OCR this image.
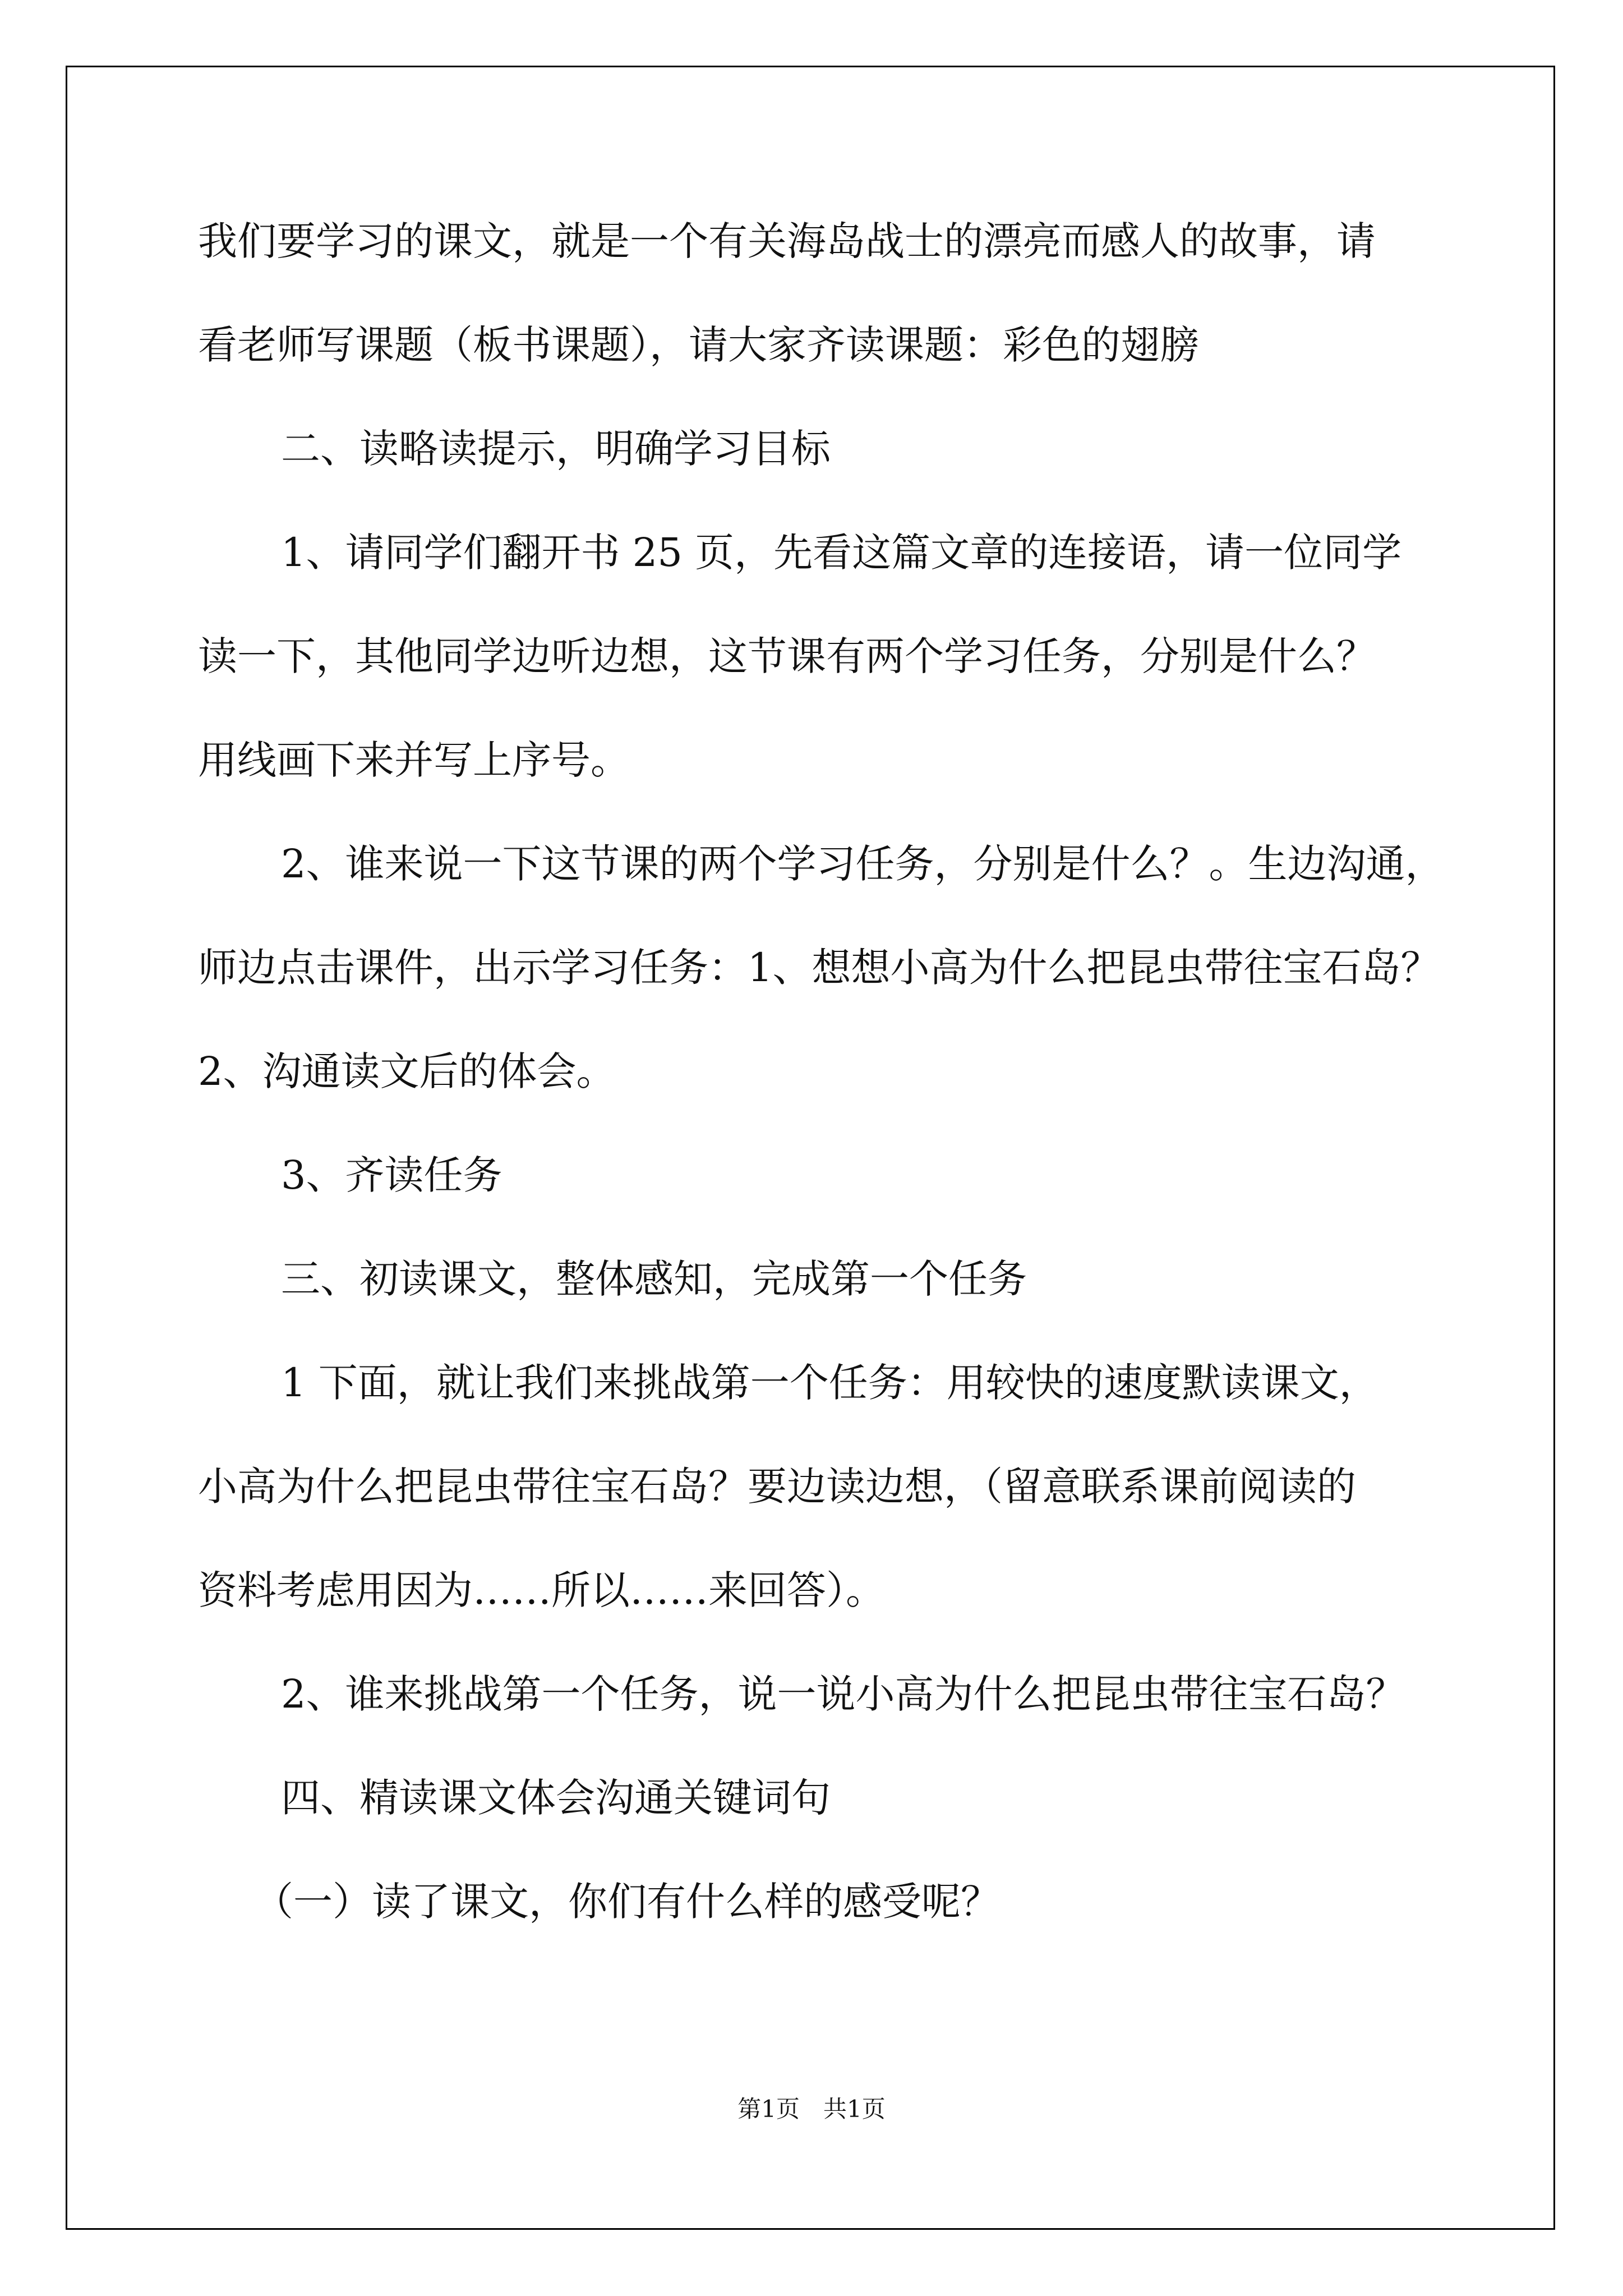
我们要学习的课文，就是一个有关海岛战士的漂亮而感人的故事，请
看老师写课题（板书课题），请大家齐读课题：彩色的翅膀
二、读略读提示，明确学习目标
1、请同学们翻开书 25 页，先看这篇文章的连接语，请一位同学
读一下，其他同学边听边想，这节课有两个学习任务，分别是什么？
用线画下来并写上序号。
2、谁来说一下这节课的两个学习任务，分别是什么？。生边沟通，
师边点击课件，出示学习任务：1、想想小高为什么把昆虫带往宝石岛？
2、沟通读文后的体会。
3、齐读任务
三、初读课文，整体感知，完成第一个任务
1 下面，就让我们来挑战第一个任务：用较快的速度默读课文，
小高为什么把昆虫带往宝石岛？要边读边想，（留意联系课前阅读的
资料考虑用因为……所以……来回答）。
2、谁来挑战第一个任务，说一说小高为什么把昆虫带往宝石岛？
四、精读课文体会沟通关键词句
（一）读了课文，你们有什么样的感受呢？
第1页　共1页
